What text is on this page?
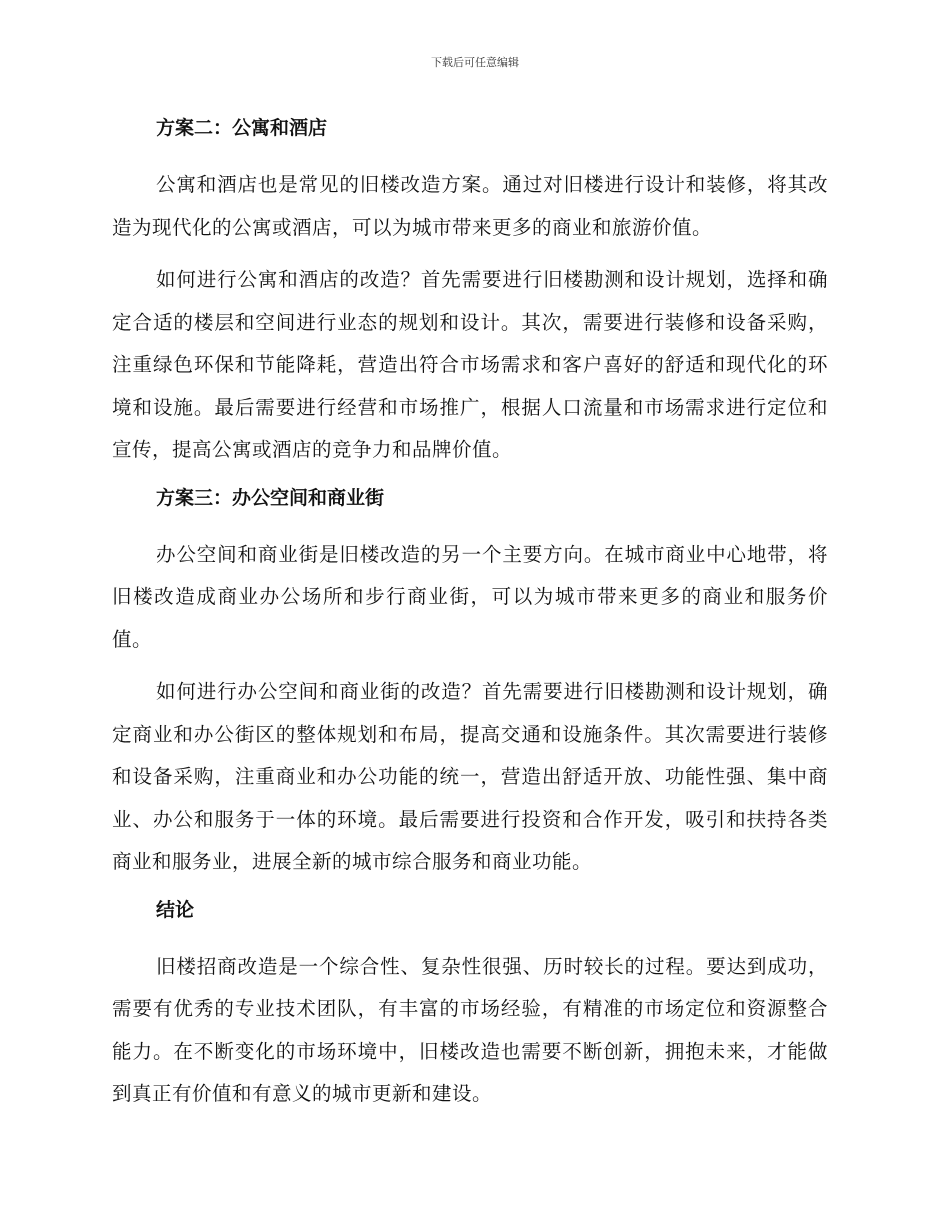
下载后可任意编辑
方案二：公寓和酒店

公寓和酒店也是常见的旧楼改造方案。通过对旧楼进行设计和装修，将其改造为现代化的公寓或酒店，可以为城市带来更多的商业和旅游价值。

如何进行公寓和酒店的改造？首先需要进行旧楼勘测和设计规划，选择和确定合适的楼层和空间进行业态的规划和设计。其次，需要进行装修和设备采购，注重绿色环保和节能降耗，营造出符合市场需求和客户喜好的舒适和现代化的环境和设施。最后需要进行经营和市场推广，根据人口流量和市场需求进行定位和宣传，提高公寓或酒店的竞争力和品牌价值。

方案三：办公空间和商业街

办公空间和商业街是旧楼改造的另一个主要方向。在城市商业中心地带，将旧楼改造成商业办公场所和步行商业街，可以为城市带来更多的商业和服务价值。

如何进行办公空间和商业街的改造？首先需要进行旧楼勘测和设计规划，确定商业和办公街区的整体规划和布局，提高交通和设施条件。其次需要进行装修和设备采购，注重商业和办公功能的统一，营造出舒适开放、功能性强、集中商业、办公和服务于一体的环境。最后需要进行投资和合作开发，吸引和扶持各类商业和服务业，进展全新的城市综合服务和商业功能。

结论

旧楼招商改造是一个综合性、复杂性很强、历时较长的过程。要达到成功，需要有优秀的专业技术团队，有丰富的市场经验，有精准的市场定位和资源整合能力。在不断变化的市场环境中，旧楼改造也需要不断创新，拥抱未来，才能做到真正有价值和有意义的城市更新和建设。
